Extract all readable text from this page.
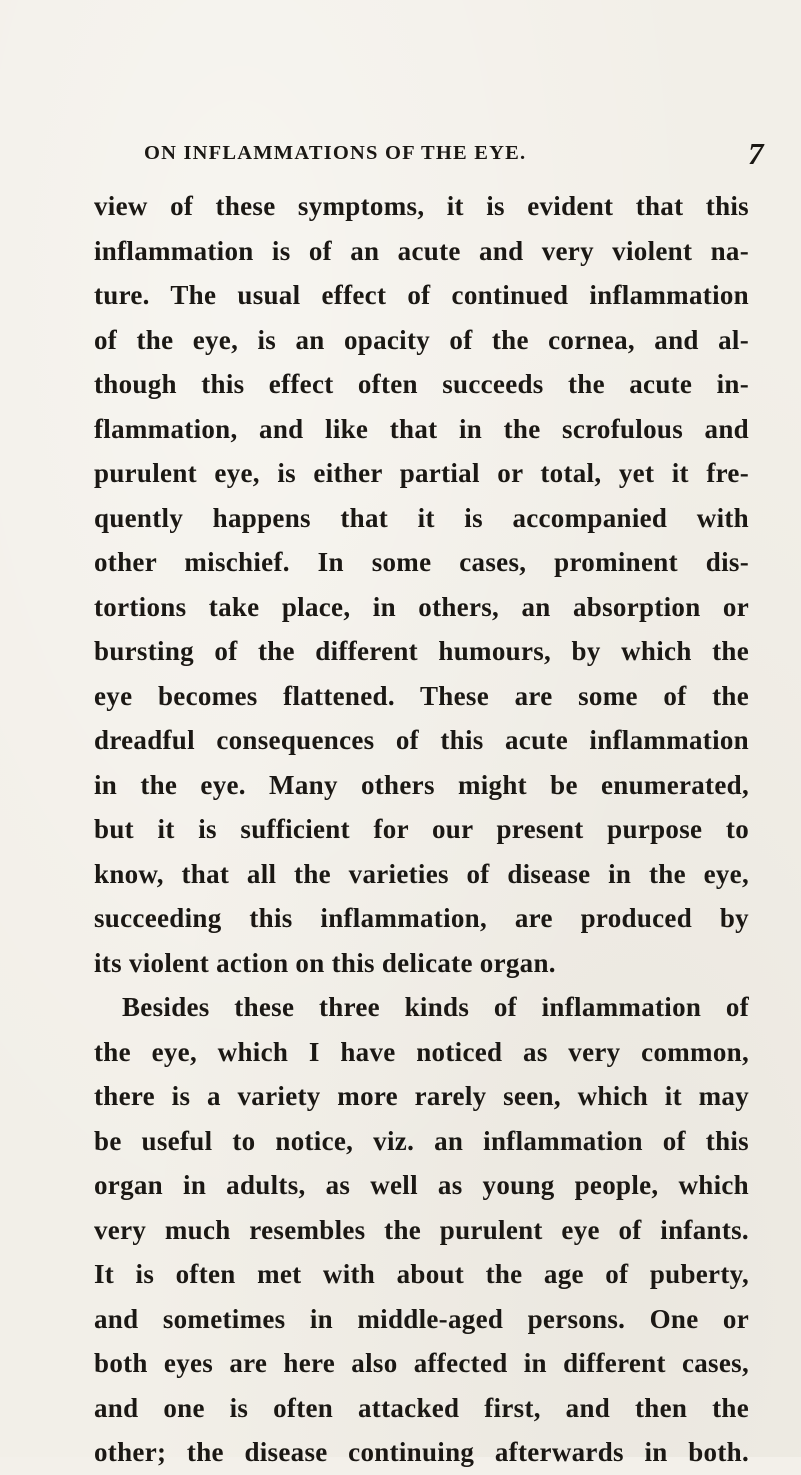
ON INFLAMMATIONS OF THE EYE.	7
view of these symptoms, it is evident that this
inflammation is of an acute and very violent na-
ture. The usual effect of continued inflammation
of the eye, is an opacity of the cornea, and al-
though this effect often succeeds the acute in-
flammation, and like that in the scrofulous and
purulent eye, is either partial or total, yet it fre-
quently happens that it is accompanied with
other mischief. In some cases, prominent dis-
tortions take place, in others, an absorption or
bursting of the different humours, by which the
eye becomes flattened. These are some of the
dreadful consequences of this acute inflammation
in the eye. Many others might be enumerated,
but it is sufficient for our present purpose to
know, that all the varieties of disease in the eye,
succeeding this inflammation, are produced by
its violent action on this delicate organ.
Besides these three kinds of inflammation of
the eye, which I have noticed as very common,
there is a variety more rarely seen, which it may
be useful to notice, viz. an inflammation of this
organ in adults, as well as young people, which
very much resembles the purulent eye of infants.
It is often met with about the age of puberty,
and sometimes in middle-aged persons. One or
both eyes are here also affected in different cases,
and one is often attacked first, and then the
other; the disease continuing afterwards in both.
